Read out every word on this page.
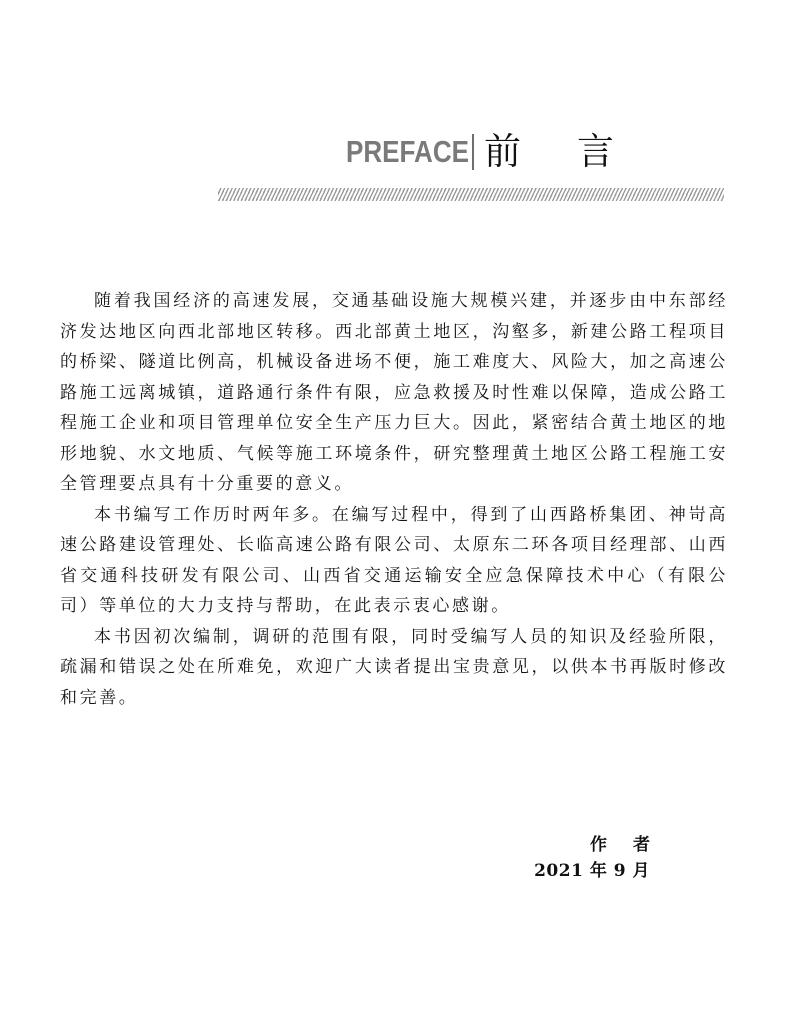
PREFACE 前言

随着我国经济的高速发展，交通基础设施大规模兴建，并逐步由中东部经济发达地区向西北部地区转移。西北部黄土地区，沟壑多，新建公路工程项目的桥梁、隧道比例高，机械设备进场不便，施工难度大、风险大，加之高速公路施工远离城镇，道路通行条件有限，应急救援及时性难以保障，造成公路工程施工企业和项目管理单位安全生产压力巨大。因此，紧密结合黄土地区的地形地貌、水文地质、气候等施工环境条件，研究整理黄土地区公路工程施工安全管理要点具有十分重要的意义。

本书编写工作历时两年多。在编写过程中，得到了山西路桥集团、神岢高速公路建设管理处、长临高速公路有限公司、太原东二环各项目经理部、山西省交通科技研发有限公司、山西省交通运输安全应急保障技术中心（有限公司）等单位的大力支持与帮助，在此表示衷心感谢。

本书因初次编制，调研的范围有限，同时受编写人员的知识及经验所限，疏漏和错误之处在所难免，欢迎广大读者提出宝贵意见，以供本书再版时修改和完善。

作者
2021 年 9 月
